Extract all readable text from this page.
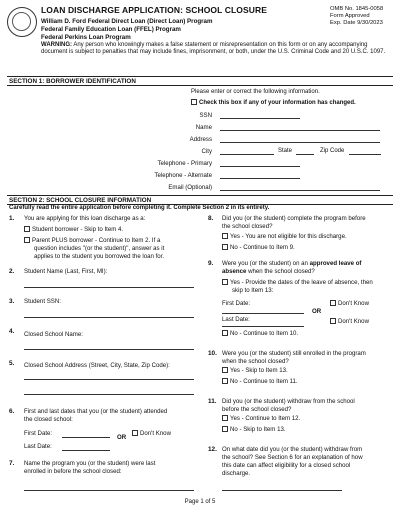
LOAN DISCHARGE APPLICATION: SCHOOL CLOSURE
William D. Ford Federal Direct Loan (Direct Loan) Program
Federal Family Education Loan (FFEL) Program
Federal Perkins Loan Program
OMB No. 1845-0058
Form Approved
Exp. Date 9/30/2023
WARNING: Any person who knowingly makes a false statement or misrepresentation on this form or on any accompanying document is subject to penalties that may include fines, imprisonment, or both, under the U.S. Criminal Code and 20 U.S.C. 1097.
SECTION 1: BORROWER IDENTIFICATION
Please enter or correct the following information.
Check this box if any of your information has changed.
SSN
Name
Address
City	State	Zip Code
Telephone - Primary
Telephone - Alternate
Email (Optional)
SECTION 2: SCHOOL CLOSURE INFORMATION
Carefully read the entire application before completing it. Complete Section 2 in its entirety.
1. You are applying for this loan discharge as a:
Student borrower - Skip to Item 4.
Parent PLUS borrower - Continue to Item 2. If a
question includes "(or the student)", answer as it
applies to the student you borrowed the loan for.
2. Student Name (Last, First, MI):
3. Student SSN:
4. Closed School Name:
5. Closed School Address (Street, City, State, Zip Code):
6. First and last dates that you (or the student) attended
the closed school:
First Date:
OR
Don't Know
Last Date:
7. Name the program you (or the student) were last
enrolled in before the school closed:
8. Did you (or the student) complete the program before
the school closed?
Yes - You are not eligible for this discharge.
No - Continue to Item 9.
9. Were you (or the student) on an approved leave of
absence when the school closed?
Yes - Provide the dates of the leave of absence, then
skip to Item 13:
First Date:	Don't Know
OR
Last Date:	Don't Know
No - Continue to Item 10.
10. Were you (or the student) still enrolled in the program
when the school closed?
Yes - Skip to Item 13.
No - Continue to Item 11.
11. Did you (or the student) withdraw from the school
before the school closed?
Yes - Continue to Item 12.
No - Skip to Item 13.
12. On what date did you (or the student) withdraw from
the school? See Section 6 for an explanation of how
this date can affect eligibility for a closed school
discharge.
Page 1 of 5
